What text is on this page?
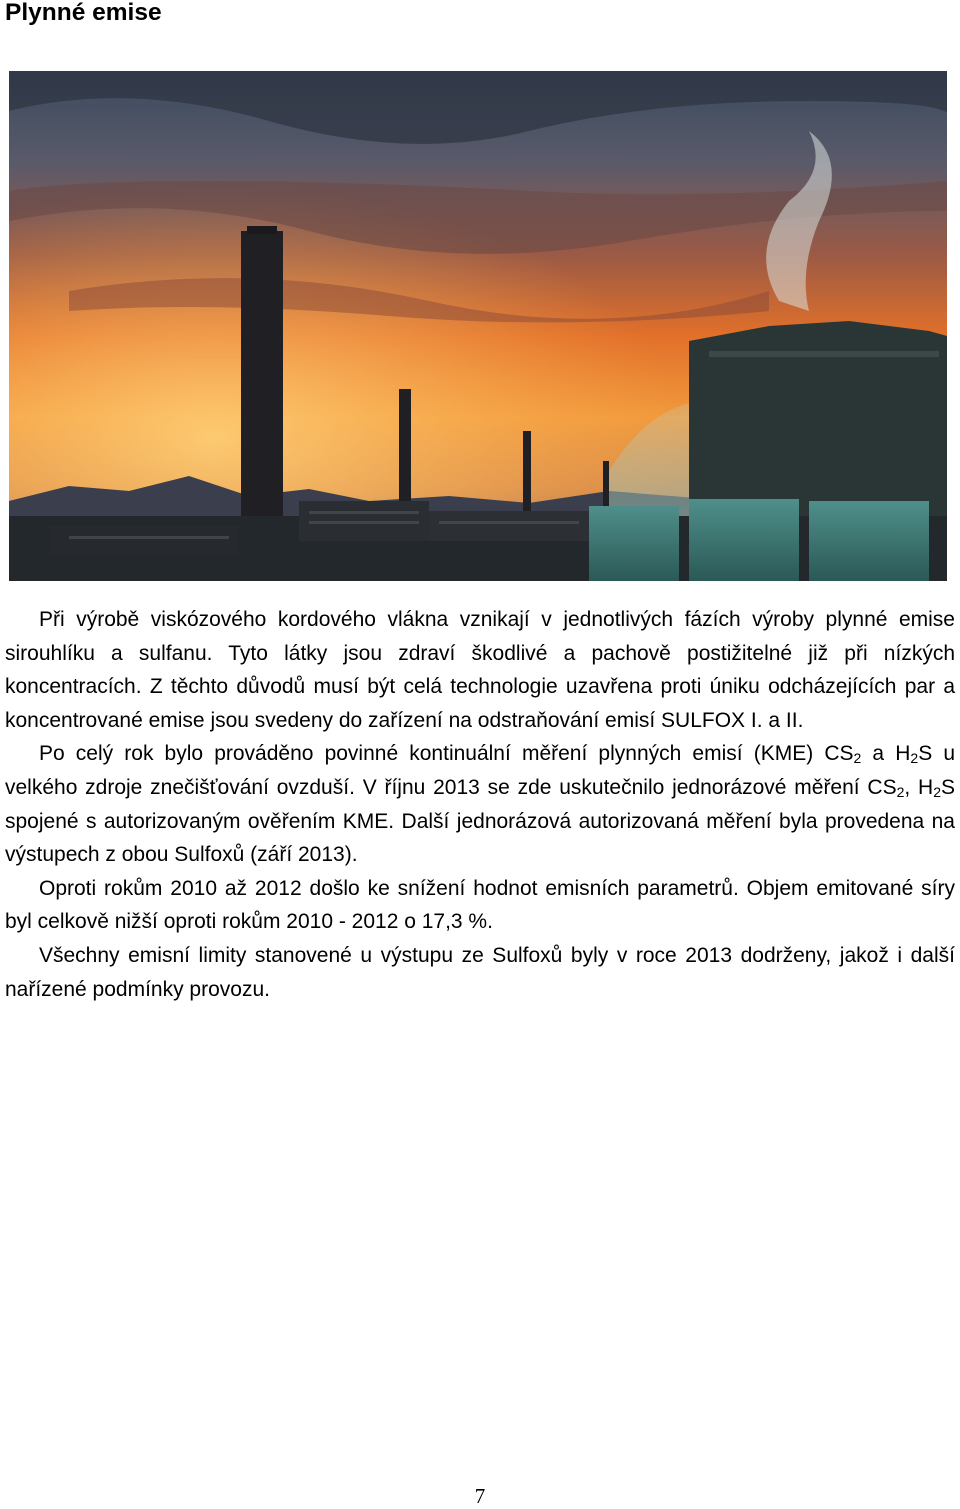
Plynné emise

Při výrobě viskózového kordového vlákna vznikají v jednotlivých fázích výroby plynné emise sirouhlíku a sulfanu. Tyto látky jsou zdraví škodlivé a pachově postižitelné již při nízkých koncentracích. Z těchto důvodů musí být celá technologie uzavřena proti úniku odcházejících par a koncentrované emise jsou svedeny do zařízení na odstraňování emisí SULFOX I. a II.

Po celý rok bylo prováděno povinné kontinuální měření plynných emisí (KME) $CS_2$ a $H_2S$ u velkého zdroje znečišťování ovzduší. V říjnu 2013 se zde uskutečnilo jednorázové měření $CS_2$, $H_2S$ spojené s autorizovaným ověřením KME. Další jednorázová autorizovaná měření byla provedena na výstupech z obou Sulfoxů (září 2013).

Oproti rokům 2010 až 2012 došlo ke snížení hodnot emisních parametrů. Objem emitované síry byl celkově nižší oproti rokům 2010 - 2012 o 17,3 %.

Všechny emisní limity stanovené u výstupu ze Sulfoxů byly v roce 2013 dodrženy, jakož i další nařízené podmínky provozu.

7
